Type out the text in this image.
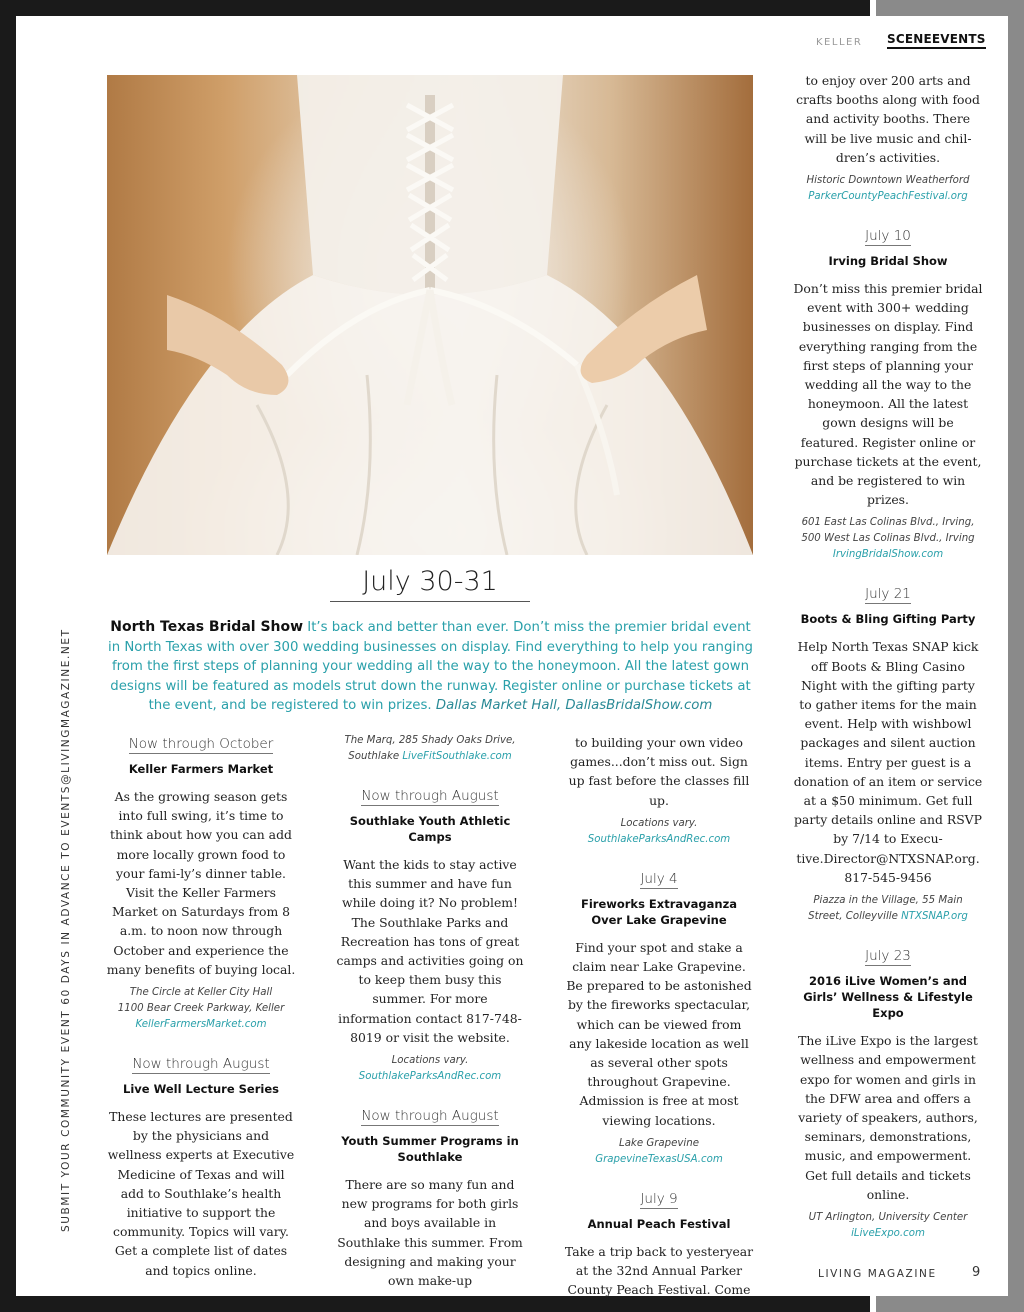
KELLER SCENEEVENTS
SUBMIT YOUR COMMUNITY EVENT 60 DAYS IN ADVANCE TO EVENTS@LIVINGMAGAZINE.NET
July 30-31
North Texas Bridal Show It’s back and better than ever. Don’t miss the premier bridal event in North Texas with over 300 wedding businesses on display. Find everything to help you ranging from the first steps of planning your wedding all the way to the honeymoon. All the latest gown designs will be featured as models strut down the runway. Register online or purchase tickets at the event, and be registered to win prizes. Dallas Market Hall, DallasBridalShow.com
Now through October
Keller Farmers Market
As the growing season gets into full swing, it’s time to think about how you can add more locally grown food to your fami-ly’s dinner table. Visit the Keller Farmers Market on Saturdays from 8 a.m. to noon now through October and experience the many benefits of buying local.
The Circle at Keller City Hall
1100 Bear Creek Parkway, Keller
KellerFarmersMarket.com
Now through August
Live Well Lecture Series
These lectures are presented by the physicians and wellness experts at Executive Medicine of Texas and will add to Southlake’s health initiative to support the community. Topics will vary. Get a complete list of dates and topics online.
The Marq, 285 Shady Oaks Drive,
Southlake LiveFitSouthlake.com
Now through August
Southlake Youth Athletic Camps
Want the kids to stay active this summer and have fun while doing it? No problem! The Southlake Parks and Recreation has tons of great camps and activities going on to keep them busy this summer. For more information contact 817-748-8019 or visit the website.
Locations vary.
SouthlakeParksAndRec.com
Now through August
Youth Summer Programs in Southlake
There are so many fun and new programs for both girls and boys available in Southlake this summer. From designing and making your own make-up
to building your own video games...don’t miss out. Sign up fast before the classes fill up.
Locations vary.
SouthlakeParksAndRec.com
July 4
Fireworks Extravaganza Over Lake Grapevine
Find your spot and stake a claim near Lake Grapevine. Be prepared to be astonished by the fireworks spectacular, which can be viewed from any lakeside location as well as several other spots throughout Grapevine. Admission is free at most viewing locations.
Lake Grapevine
GrapevineTexasUSA.com
July 9
Annual Peach Festival
Take a trip back to yesteryear at the 32nd Annual Parker County Peach Festival. Come
to enjoy over 200 arts and crafts booths along with food and activity booths. There will be live music and chil-dren’s activities.
Historic Downtown Weatherford
ParkerCountyPeachFestival.org
July 10
Irving Bridal Show
Don’t miss this premier bridal event with 300+ wedding businesses on display. Find everything ranging from the first steps of planning your wedding all the way to the honeymoon. All the latest gown designs will be featured. Register online or purchase tickets at the event, and be registered to win prizes.
601 East Las Colinas Blvd., Irving,
500 West Las Colinas Blvd., Irving
IrvingBridalShow.com
July 21
Boots & Bling Gifting Party
Help North Texas SNAP kick off Boots & Bling Casino Night with the gifting party to gather items for the main event. Help with wishbowl packages and silent auction items. Entry per guest is a donation of an item or service at a $50 minimum. Get full party details online and RSVP by 7/14 to Execu-tive.Director@NTXSNAP.org. 817-545-9456
Piazza in the Village, 55 Main
Street, Colleyville NTXSNAP.org
July 23
2016 iLive Women’s and Girls’ Wellness & Lifestyle Expo
The iLive Expo is the largest wellness and empowerment expo for women and girls in the DFW area and offers a variety of speakers, authors, seminars, demonstrations, music, and empowerment. Get full details and tickets online.
UT Arlington, University Center
iLiveExpo.com
LIVING MAGAZINE	9
